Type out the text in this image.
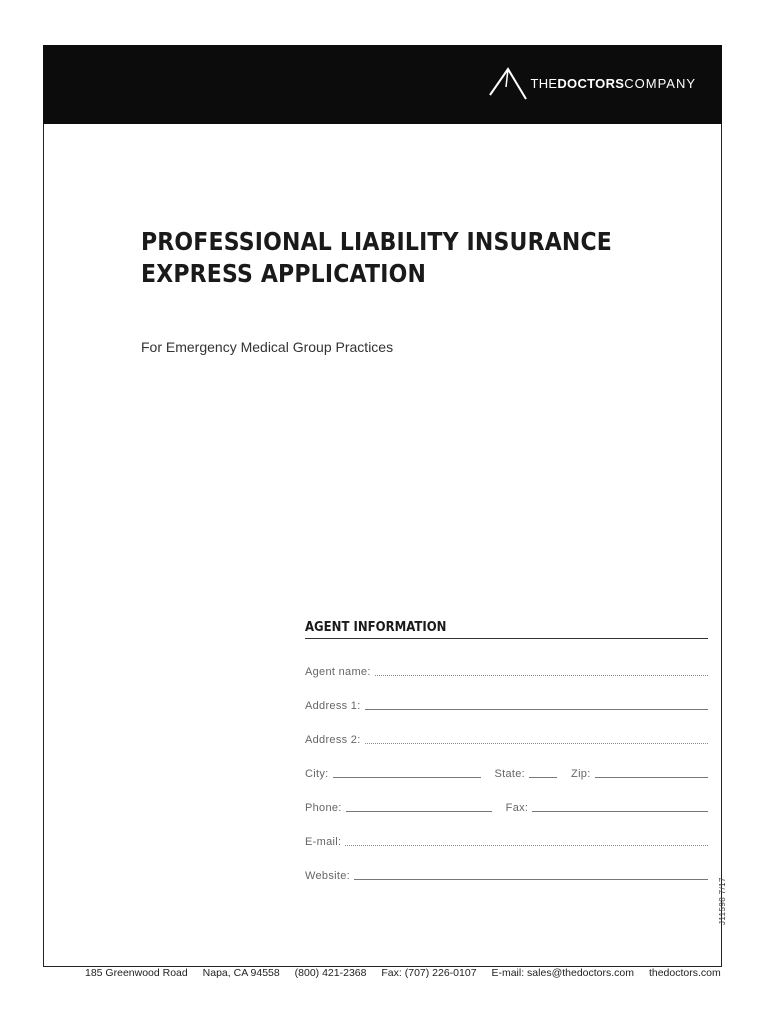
THEDOCTORSCOMPANY
PROFESSIONAL LIABILITY INSURANCE
EXPRESS APPLICATION
For Emergency Medical Group Practices
AGENT INFORMATION
Agent name:
Address 1:
Address 2:
City:	State:	Zip:
Phone:	Fax:
E-mail:
Website:
J11598 7/17
185 Greenwood Road Napa, CA 94558 (800) 421-2368 Fax: (707) 226-0107 E-mail: sales@thedoctors.com thedoctors.com
